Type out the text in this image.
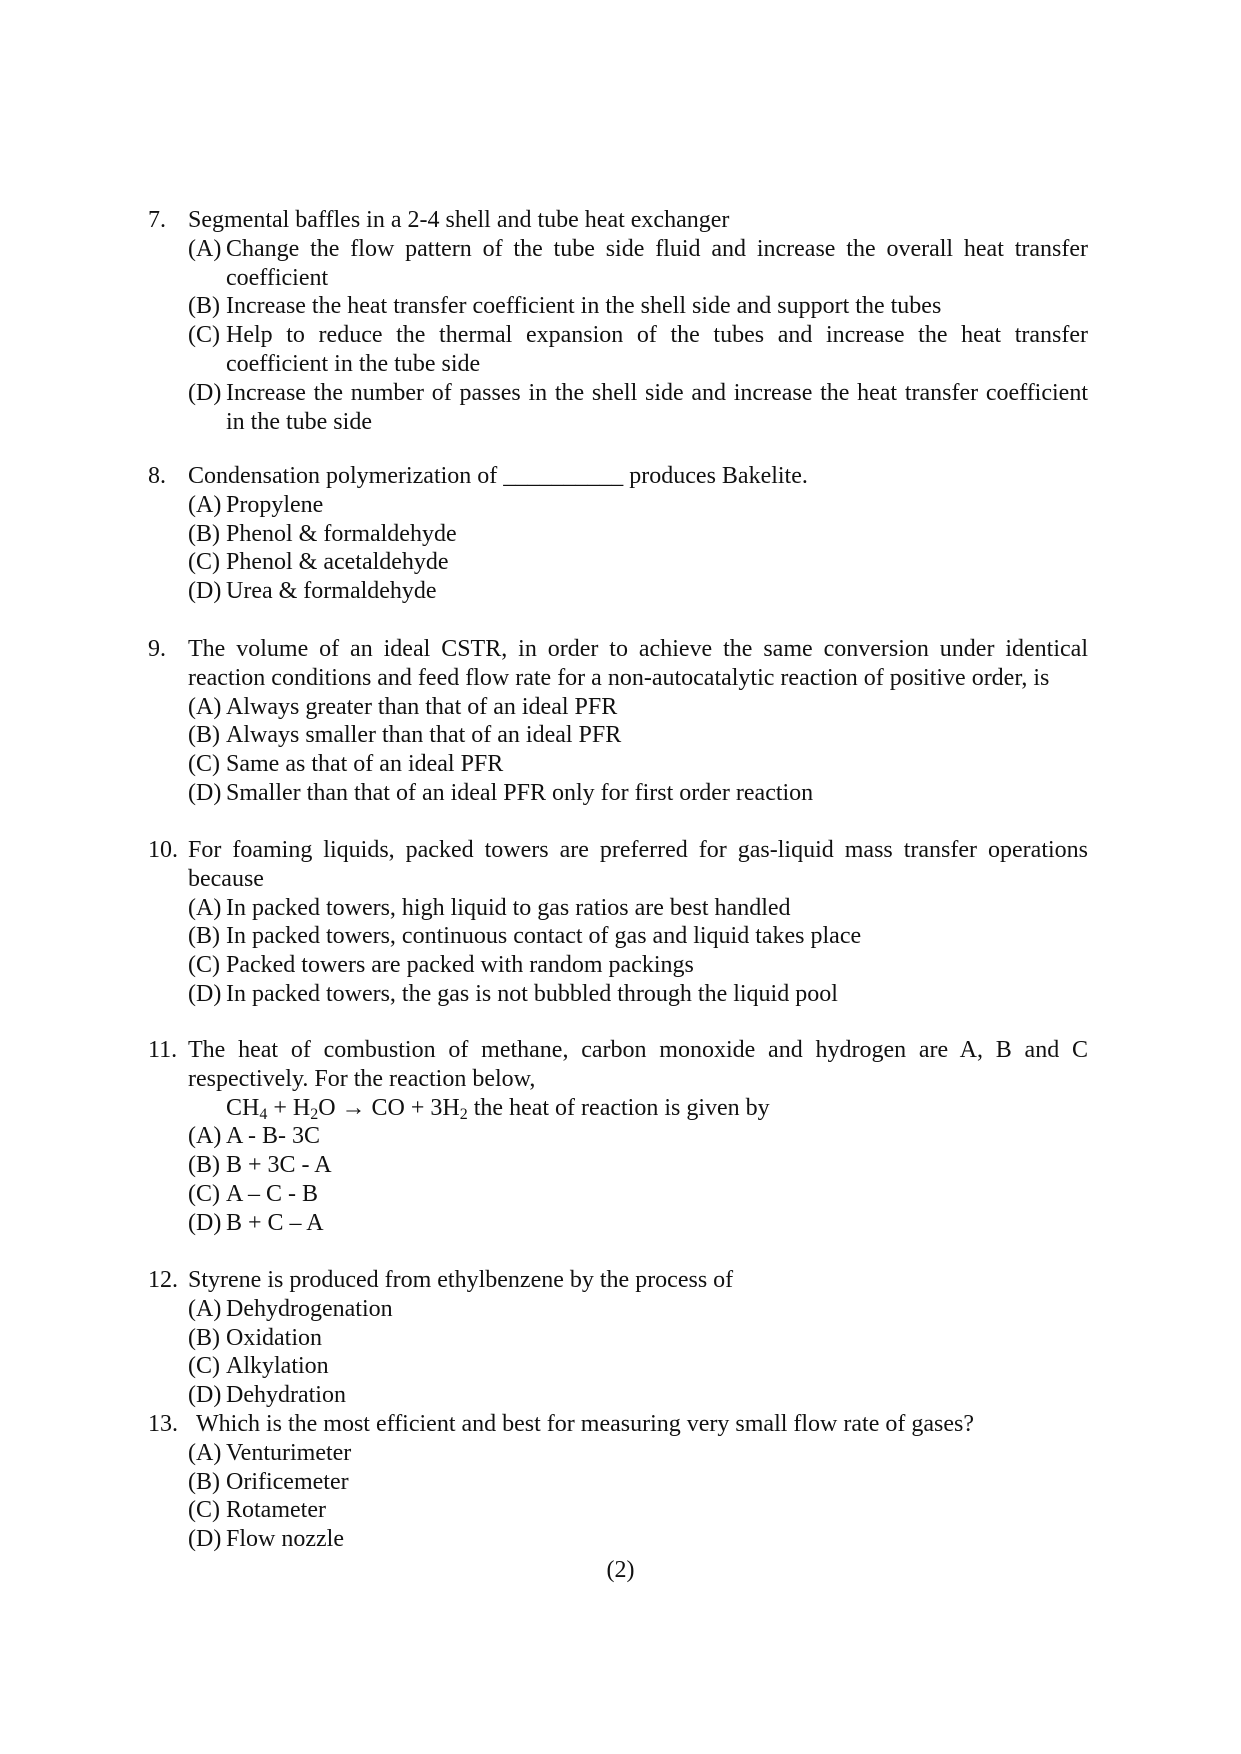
7. Segmental baffles in a 2-4 shell and tube heat exchanger
(A) Change the flow pattern of the tube side fluid and increase the overall heat transfer coefficient
(B) Increase the heat transfer coefficient in the shell side and support the tubes
(C) Help to reduce the thermal expansion of the tubes and increase the heat transfer coefficient in the tube side
(D) Increase the number of passes in the shell side and increase the heat transfer coefficient in the tube side
8. Condensation polymerization of __________ produces Bakelite.
(A) Propylene
(B) Phenol & formaldehyde
(C) Phenol & acetaldehyde
(D) Urea & formaldehyde
9. The volume of an ideal CSTR, in order to achieve the same conversion under identical reaction conditions and feed flow rate for a non-autocatalytic reaction of positive order, is
(A) Always greater than that of an ideal PFR
(B) Always smaller than that of an ideal PFR
(C) Same as that of an ideal PFR
(D) Smaller than that of an ideal PFR only for first order reaction
10. For foaming liquids, packed towers are preferred for gas-liquid mass transfer operations because
(A) In packed towers, high liquid to gas ratios are best handled
(B) In packed towers, continuous contact of gas and liquid takes place
(C) Packed towers are packed with random packings
(D) In packed towers, the gas is not bubbled through the liquid pool
11. The heat of combustion of methane, carbon monoxide and hydrogen are A, B and C respectively. For the reaction below,
$CH_4 + H_2O$ → CO + $3H_2$ the heat of reaction is given by
(A) A - B- 3C
(B) B + 3C - A
(C) A – C - B
(D) B + C – A
12. Styrene is produced from ethylbenzene by the process of
(A) Dehydrogenation
(B) Oxidation
(C) Alkylation
(D) Dehydration
13. Which is the most efficient and best for measuring very small flow rate of gases?
(A) Venturimeter
(B) Orificemeter
(C) Rotameter
(D) Flow nozzle
(2)
